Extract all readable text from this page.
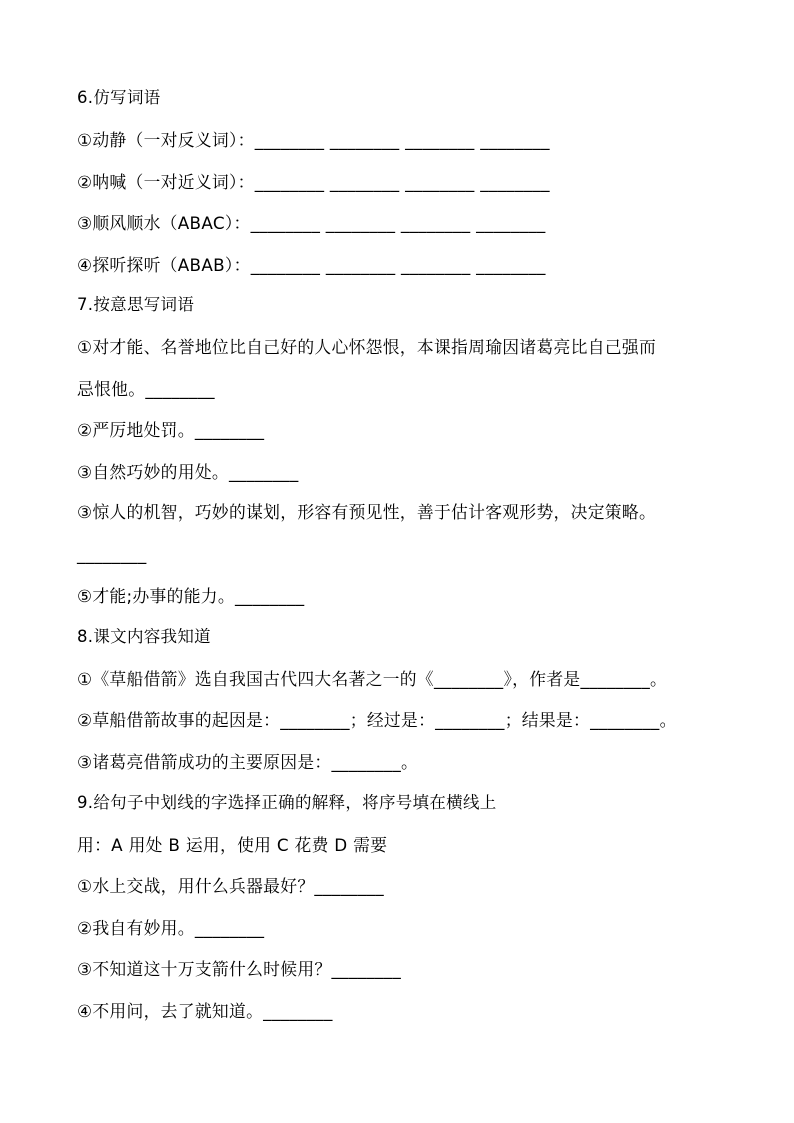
6.仿写词语
①动静（一对反义词）：________ ________ ________ ________
②呐喊（一对近义词）：________ ________ ________ ________
③顺风顺水（ABAC）：________ ________ ________ ________
④探听探听（ABAB）：________ ________ ________ ________
7.按意思写词语
①对才能、名誉地位比自己好的人心怀怨恨，本课指周瑜因诸葛亮比自己强而
忌恨他。________
②严厉地处罚。________
③自然巧妙的用处。________
③惊人的机智，巧妙的谋划，形容有预见性，善于估计客观形势，决定策略。
________
⑤才能;办事的能力。________
8.课文内容我知道
①《草船借箭》选自我国古代四大名著之一的《________》，作者是________。
②草船借箭故事的起因是：________；经过是：________；结果是：________。
③诸葛亮借箭成功的主要原因是：________。
9.给句子中划线的字选择正确的解释，将序号填在横线上
用：A 用处 B 运用，使用 C 花费 D 需要
①水上交战，用什么兵器最好？________
②我自有妙用。________
③不知道这十万支箭什么时候用？________
④不用问，去了就知道。________
